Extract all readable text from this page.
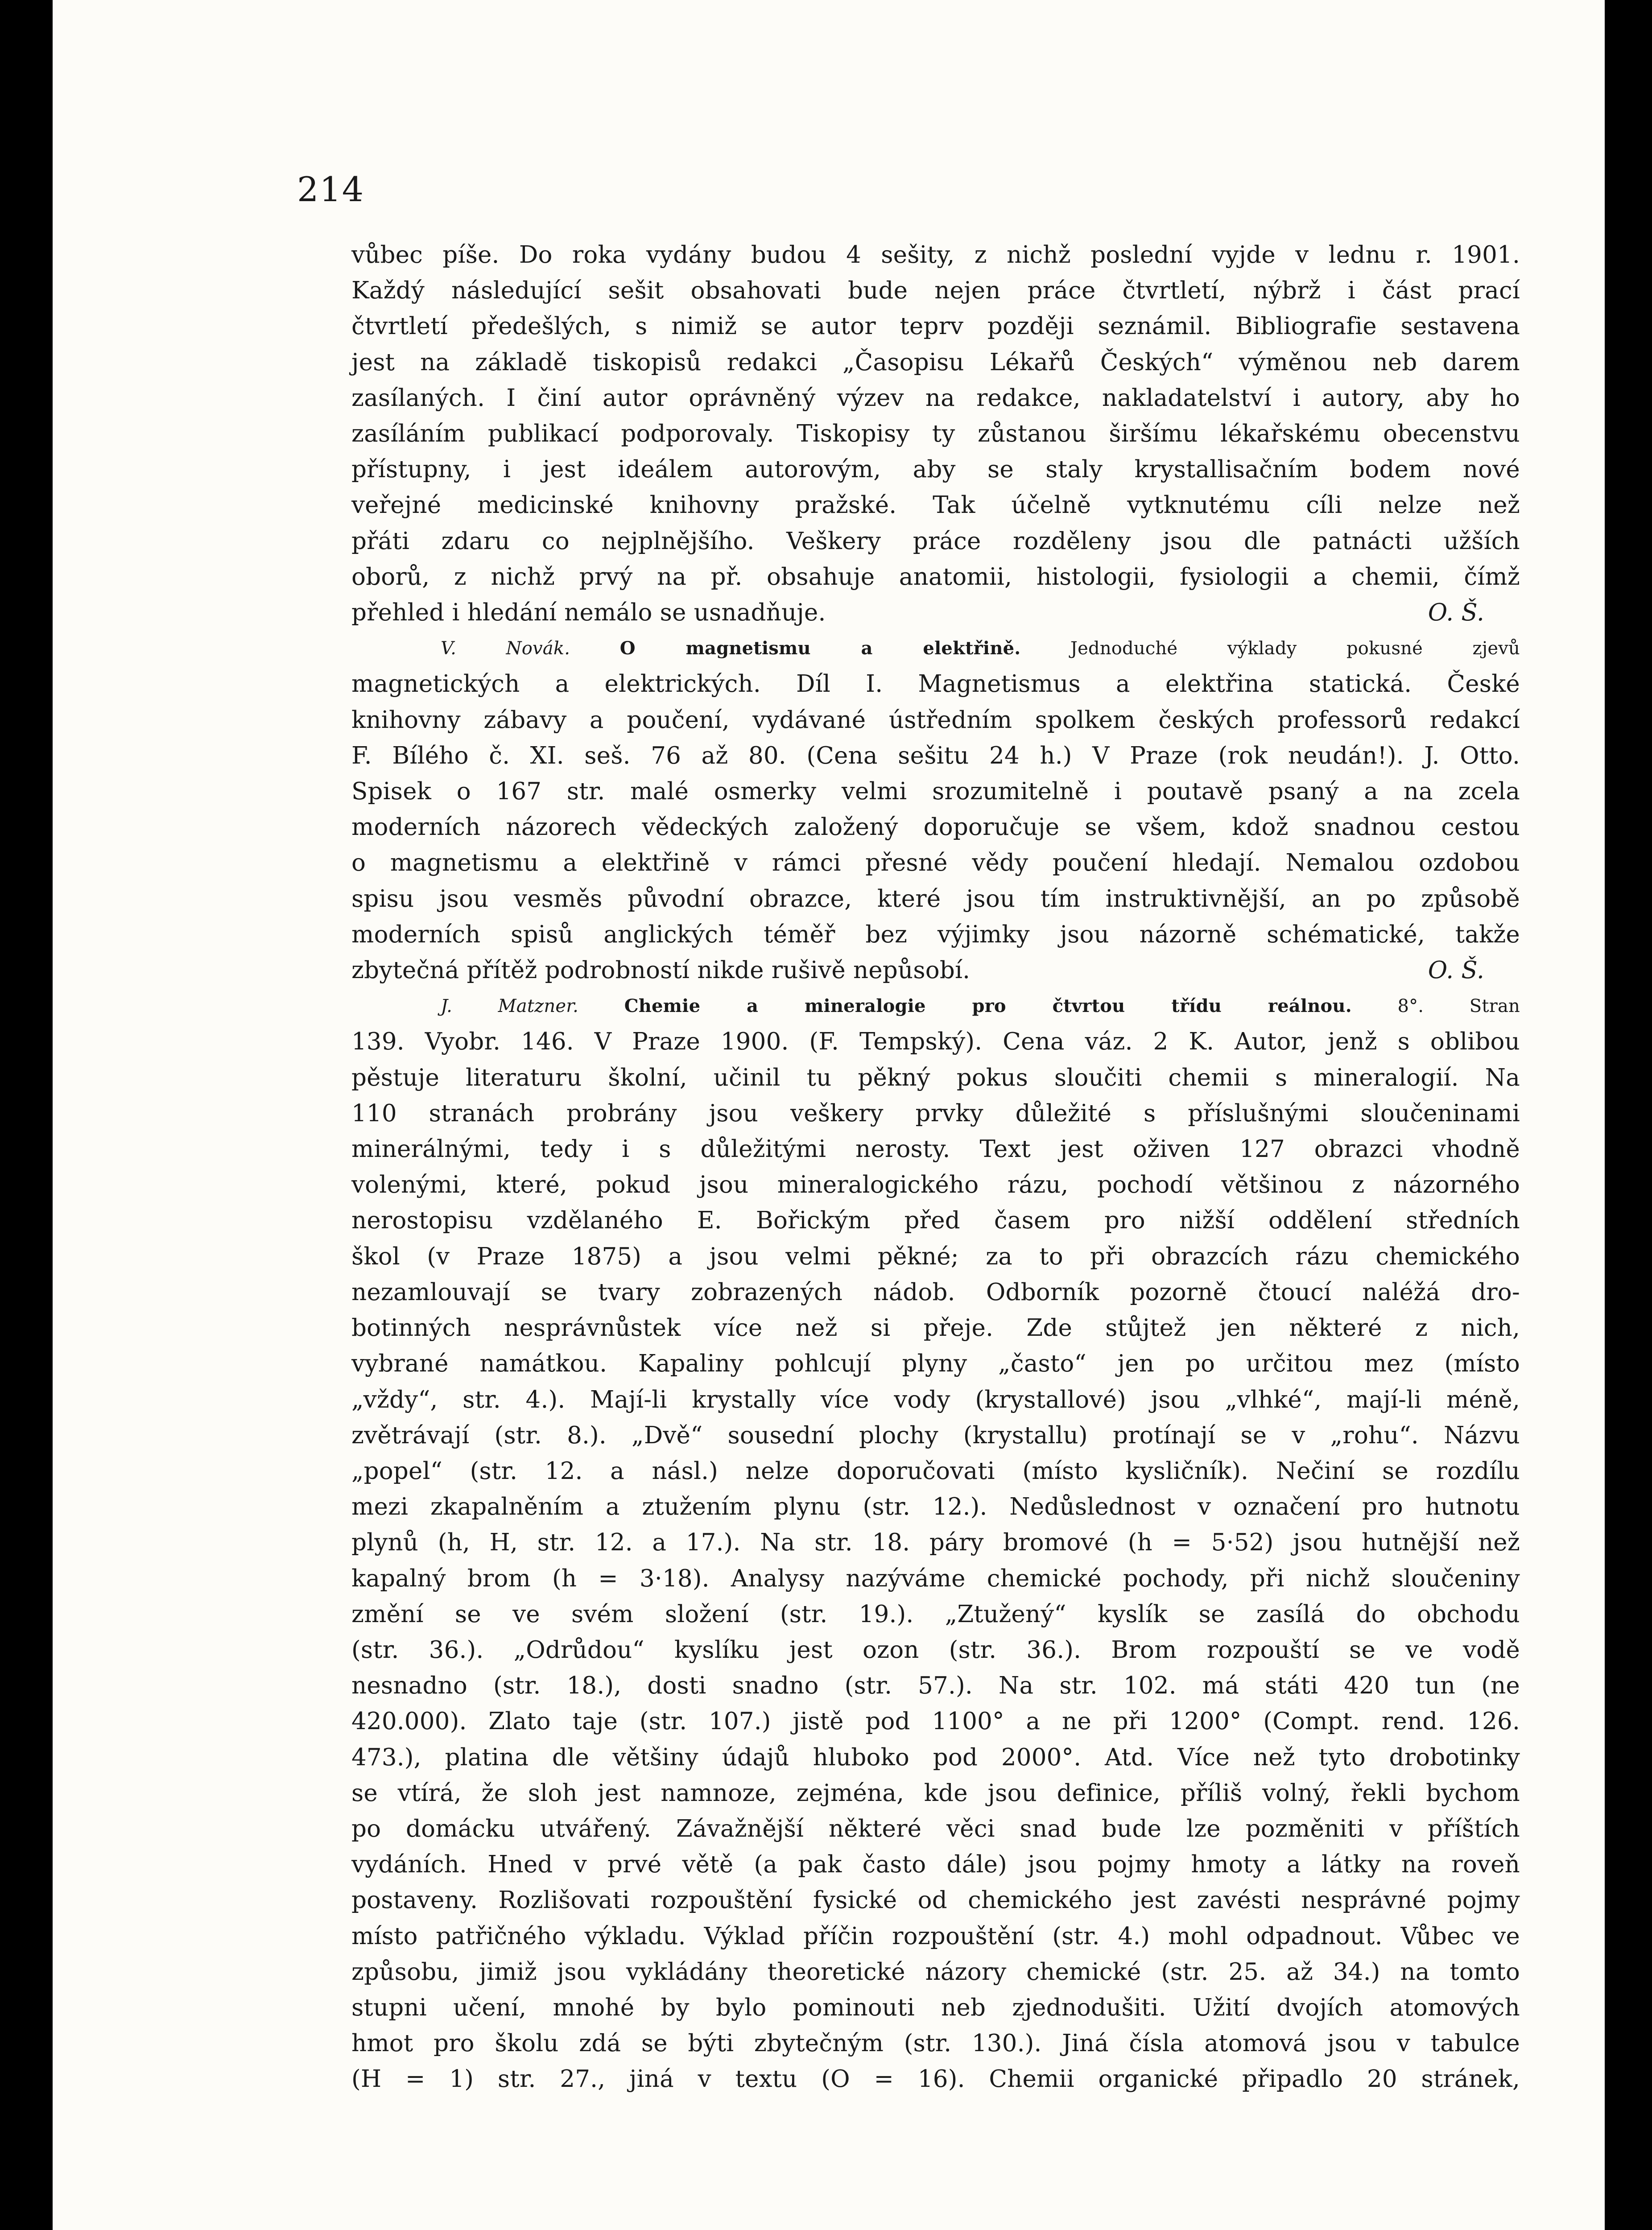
214

vůbec píše. Do roka vydány budou 4 sešity, z nichž poslední vyjde v lednu r. 1901.

Každý následující sešit obsahovati bude nejen práce čtvrtletí, nýbrž i část prací

čtvrtletí předešlých, s nimiž se autor teprv později seznámil. Bibliografie sestavena

jest na základě tiskopisů redakci „Časopisu Lékařů Českých“ výměnou neb darem

zasílaných. I činí autor oprávněný výzev na redakce, nakladatelství i autory, aby ho

zasíláním publikací podporovaly. Tiskopisy ty zůstanou širšímu lékařskému obecenstvu

přístupny, i jest ideálem autorovým, aby se staly krystallisačním bodem nové

veřejné medicinské knihovny pražské. Tak účelně vytknutému cíli nelze než

přáti zdaru co nejplnějšího. Veškery práce rozděleny jsou dle patnácti užších

oborů, z nichž prvý na př. obsahuje anatomii, histologii, fysiologii a chemii, čímž

přehled i hledání nemálo se usnadňuje.	O. Š.

V. Novák.	O magnetismu a elektřině.	Jednoduché výklady pokusné zjevů

magnetických a elektrických. Díl I. Magnetismus a elektřina statická. České

knihovny zábavy a poučení, vydávané ústředním spolkem českých professorů redakcí

F. Bílého č. XI. seš. 76 až 80. (Cena sešitu 24 h.) V Praze (rok neudán!). J. Otto.

Spisek o 167 str. malé osmerky velmi srozumitelně i poutavě psaný a na zcela

moderních názorech vědeckých založený doporučuje se všem, kdož snadnou cestou

o magnetismu a elektřině v rámci přesné vědy poučení hledají. Nemalou ozdobou

spisu jsou vesměs původní obrazce, které jsou tím instruktivnější, an po způsobě

moderních spisů anglických téměř bez výjimky jsou názorně schématické, takže

zbytečná přítěž podrobností nikde rušivě nepůsobí.	O. Š.

J. Matzner.	Chemie a mineralogie pro čtvrtou třídu reálnou.	8°. Stran

139. Vyobr. 146. V Praze 1900. (F. Tempský). Cena váz. 2 K. Autor, jenž s oblibou

pěstuje literaturu školní, učinil tu pěkný pokus sloučiti chemii s mineralogií. Na

110 stranách probrány jsou veškery prvky důležité s příslušnými sloučeninami

minerálnými, tedy i s důležitými nerosty. Text jest oživen 127 obrazci vhodně

volenými, které, pokud jsou mineralogického rázu, pochodí většinou z názorného

nerostopisu vzdělaného E. Bořickým před časem pro nižší oddělení středních

škol (v Praze 1875) a jsou velmi pěkné; za to při obrazcích rázu chemického

nezamlouvají se tvary zobrazených nádob. Odborník pozorně čtoucí naléžá dro-

botinných nesprávnůstek více než si přeje. Zde stůjtež jen některé z nich,

vybrané namátkou. Kapaliny pohlcují plyny „často“ jen po určitou mez (místo

„vždy“, str. 4.). Mají-li krystally více vody (krystallové) jsou „vlhké“, mají-li méně,

zvětrávají (str. 8.). „Dvě“ sousední plochy (krystallu) protínají se v „rohu“. Názvu

„popel“ (str. 12. a násl.) nelze doporučovati (místo kysličník). Nečiní se rozdílu

mezi zkapalněním a ztužením plynu (str. 12.). Nedůslednost v označení pro hutnotu

plynů (h, H, str. 12. a 17.). Na str. 18. páry bromové (h = 5·52) jsou hutnější než

kapalný brom (h = 3·18). Analysy nazýváme chemické pochody, při nichž sloučeniny

změní se ve svém složení (str. 19.). „Ztužený“ kyslík se zasílá do obchodu

(str. 36.). „Odrůdou“ kyslíku jest ozon (str. 36.). Brom rozpouští se ve vodě

nesnadno (str. 18.), dosti snadno (str. 57.). Na str. 102. má státi 420 tun (ne

420.000). Zlato taje (str. 107.) jistě pod 1100° a ne při 1200° (Compt. rend. 126.

473.), platina dle většiny údajů hluboko pod 2000°. Atd. Více než tyto drobotinky

se vtírá, že sloh jest namnoze, zejména, kde jsou definice, příliš volný, řekli bychom

po domácku utvářený. Závažnější některé věci snad bude lze pozměniti v příštích

vydáních. Hned v prvé větě (a pak často dále) jsou pojmy hmoty a látky na roveň

postaveny. Rozlišovati rozpouštění fysické od chemického jest zavésti nesprávné pojmy

místo patřičného výkladu. Výklad příčin rozpouštění (str. 4.) mohl odpadnout. Vůbec ve

způsobu, jimiž jsou vykládány theoretické názory chemické (str. 25. až 34.) na tomto

stupni učení, mnohé by bylo pominouti neb zjednodušiti. Užití dvojích atomových

hmot pro školu zdá se býti zbytečným (str. 130.). Jiná čísla atomová jsou v tabulce

(H = 1) str. 27., jiná v textu (O = 16). Chemii organické připadlo 20 stránek,
